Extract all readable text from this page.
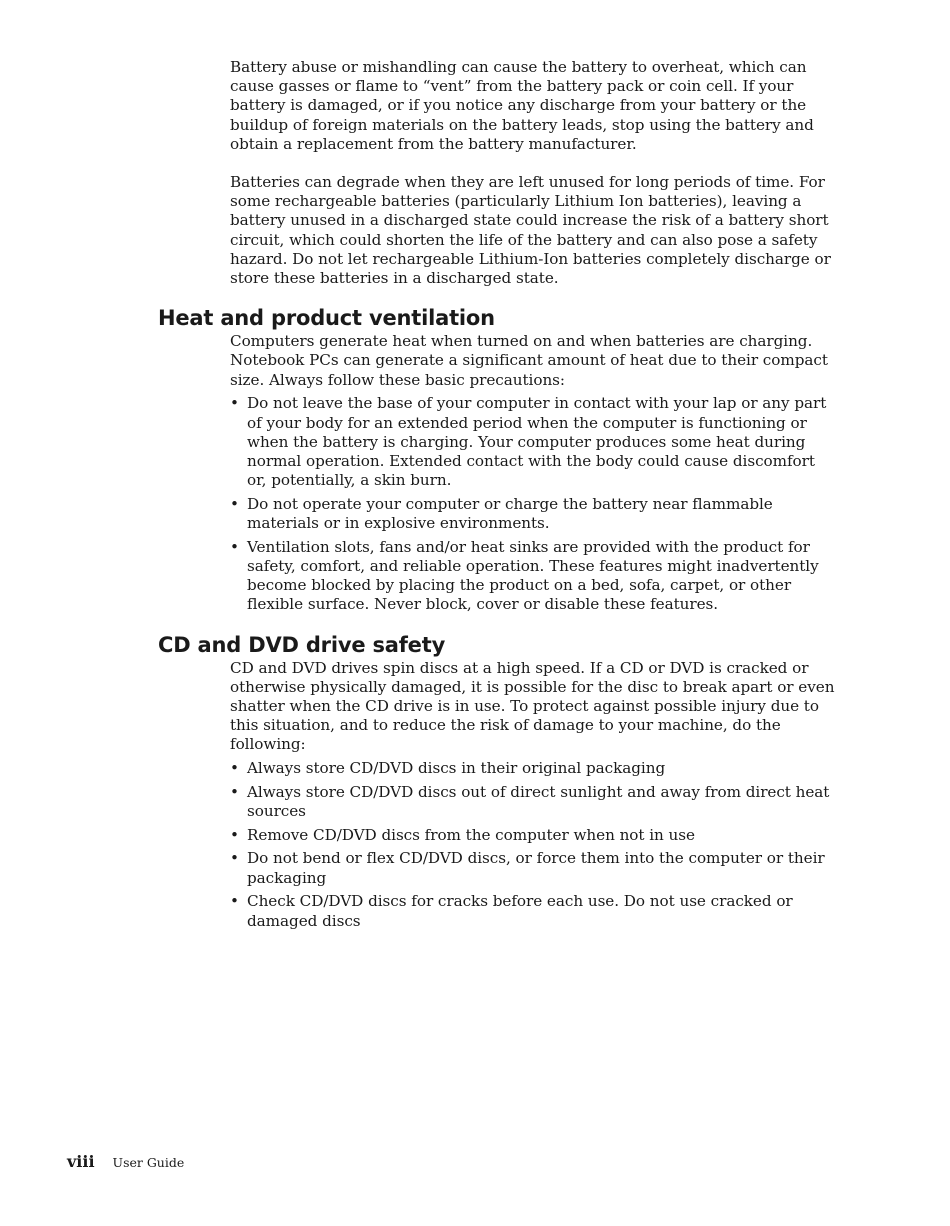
Battery abuse or mishandling can cause the battery to overheat, which can cause gasses or flame to “vent” from the battery pack or coin cell. If your battery is damaged, or if you notice any discharge from your battery or the buildup of foreign materials on the battery leads, stop using the battery and obtain a replacement from the battery manufacturer.

Batteries can degrade when they are left unused for long periods of time. For some rechargeable batteries (particularly Lithium Ion batteries), leaving a battery unused in a discharged state could increase the risk of a battery short circuit, which could shorten the life of the battery and can also pose a safety hazard. Do not let rechargeable Lithium-Ion batteries completely discharge or store these batteries in a discharged state.

Heat and product ventilation

Computers generate heat when turned on and when batteries are charging. Notebook PCs can generate a significant amount of heat due to their compact size. Always follow these basic precautions:

• Do not leave the base of your computer in contact with your lap or any part of your body for an extended period when the computer is functioning or when the battery is charging. Your computer produces some heat during normal operation. Extended contact with the body could cause discomfort or, potentially, a skin burn.
• Do not operate your computer or charge the battery near flammable materials or in explosive environments.
• Ventilation slots, fans and/or heat sinks are provided with the product for safety, comfort, and reliable operation. These features might inadvertently become blocked by placing the product on a bed, sofa, carpet, or other flexible surface. Never block, cover or disable these features.
CD and DVD drive safety

CD and DVD drives spin discs at a high speed. If a CD or DVD is cracked or otherwise physically damaged, it is possible for the disc to break apart or even shatter when the CD drive is in use. To protect against possible injury due to this situation, and to reduce the risk of damage to your machine, do the following:

• Always store CD/DVD discs in their original packaging
• Always store CD/DVD discs out of direct sunlight and away from direct heat sources
• Remove CD/DVD discs from the computer when not in use
• Do not bend or flex CD/DVD discs, or force them into the computer or their packaging
• Check CD/DVD discs for cracks before each use. Do not use cracked or damaged discs
viii User Guide
